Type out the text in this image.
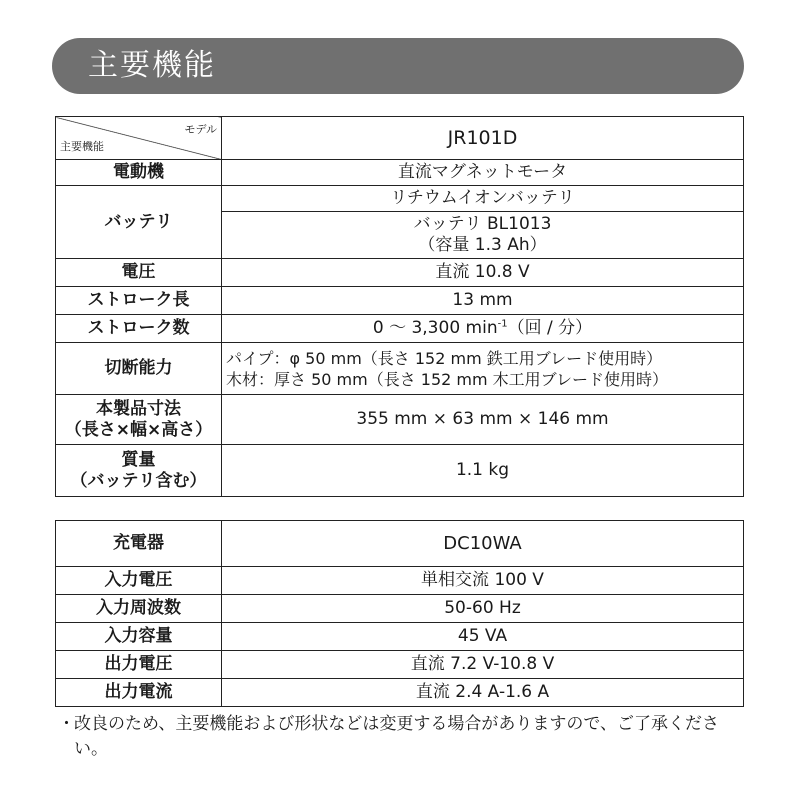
主要機能
モデル
主要機能	JR101D
電動機	直流マグネットモータ
バッテリ	リチウムイオンバッテリ

	バッテリ BL1013
（容量 1.3 Ah）

電圧	直流 10.8 V
ストローク長	13 mm
ストローク数	0 ～ 3,300 $\min^{-1}$（回 / 分）
切断能力	パイプ：φ 50 mm（長さ 152 mm 鉄工用ブレード使用時）
木材：厚さ 50 mm（長さ 152 mm 木工用ブレード使用時）

本製品寸法
（長さ×幅×高さ）	355 mm × 63 mm × 146 mm

質量
（バッテリ含む）	1.1 kg
充電器	DC10WA
入力電圧	単相交流 100 V
入力周波数	50-60 Hz
入力容量	45 VA
出力電圧	直流 7.2 V-10.8 V
出力電流	直流 2.4 A-1.6 A
・ 改良のため、主要機能および形状などは変更する場合がありますので、ご了承ください。
